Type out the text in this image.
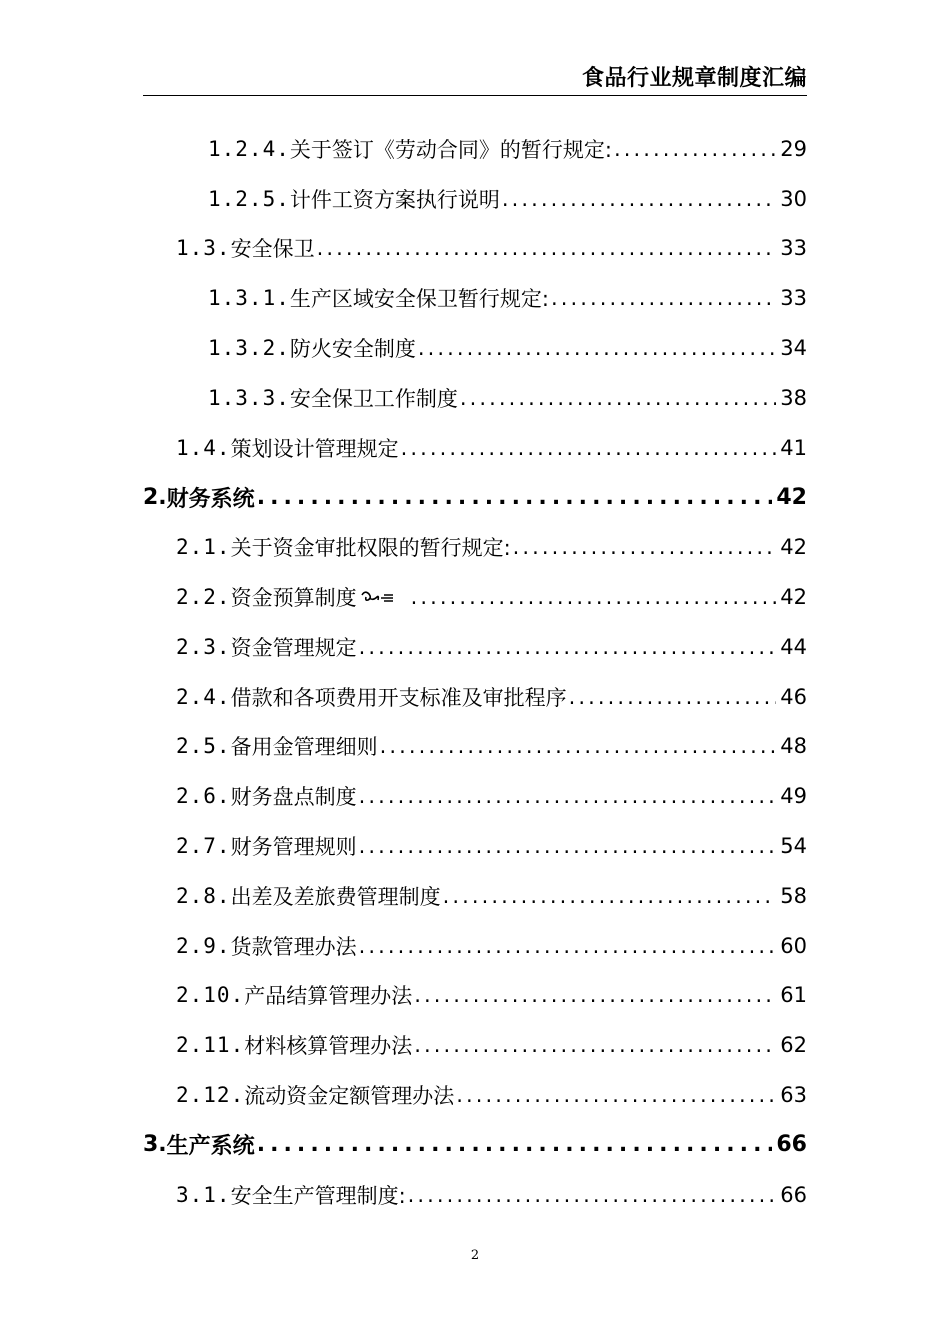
食品行业规章制度汇编
1.2.4. 关于签订《劳动合同》的暂行规定: . . .	29
1.2.5. 计件工资方案执行说明 . . .	30
1.3. 安全保卫 . . .	33
1.3.1. 生产区域安全保卫暂行规定: . . .	33
1.3.2. 防火安全制度 . . .	34
1.3.3. 安全保卫工作制度 . . .	38
1.4. 策划设计管理规定 . . .	41
2. 财务系统 . . .	42
2.1. 关于资金审批权限的暂行规定: . . .	42
2.2. 资金预算制度 . . .	42
2.3. 资金管理规定 . . .	44
2.4. 借款和各项费用开支标准及审批程序 . . .	46
2.5. 备用金管理细则 . . .	48
2.6. 财务盘点制度 . . .	49
2.7. 财务管理规则 . . .	54
2.8. 出差及差旅费管理制度 . . .	58
2.9. 货款管理办法 . . .	60
2.10. 产品结算管理办法 . . .	61
2.11. 材料核算管理办法 . . .	62
2.12. 流动资金定额管理办法 . . .	63
3. 生产系统 . . .	66
3.1. 安全生产管理制度: . . .	66
2
